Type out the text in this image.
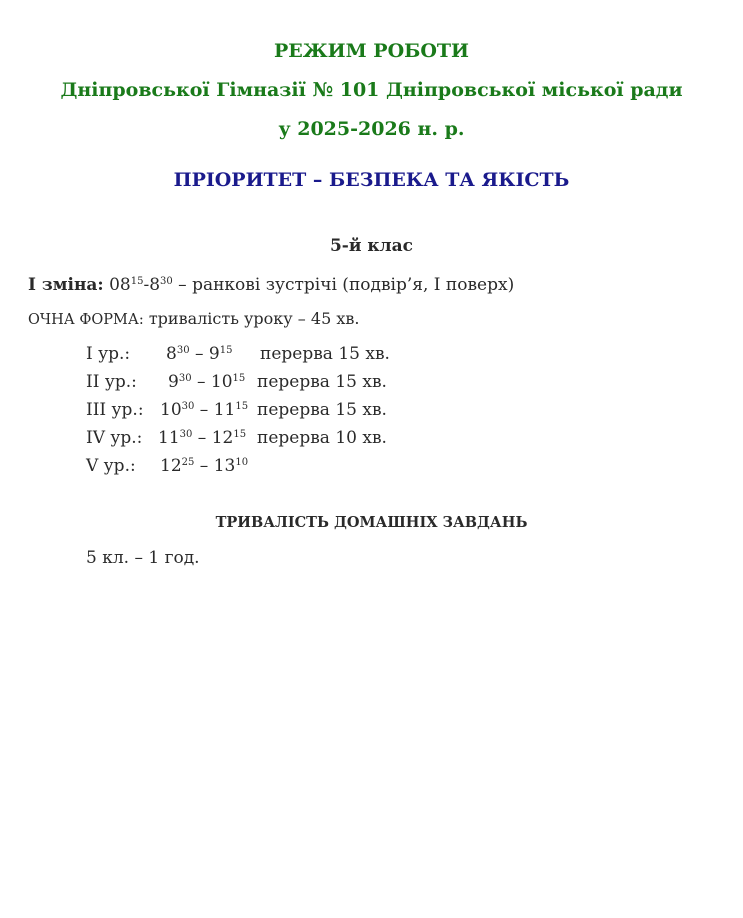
РЕЖИМ РОБОТИ
Дніпровської Гімназії № 101 Дніпровської міської ради
у 2025-2026 н. р.
ПРІОРИТЕТ – БЕЗПЕКА ТА ЯКІСТЬ
5-й клас
І зміна: $08^{15}-8^{30}$ – ранкові зустрічі (подвір’я, І поверх)
ОЧНА ФОРМА: тривалість уроку – 45 хв.
І ур.: $8^{30} - 9^{15}$ перерва 15 хв.
ІІ ур.: $9^{30} - 10^{15}$ перерва 15 хв.
ІІІ ур.: $10^{30} - 11^{15}$ перерва 15 хв.
IV ур.: $11^{30} - 12^{15}$ перерва 10 хв.
V ур.: $12^{25} - 13^{10}$
ТРИВАЛІСТЬ ДОМАШНІХ ЗАВДАНЬ
5 кл. – 1 год.
